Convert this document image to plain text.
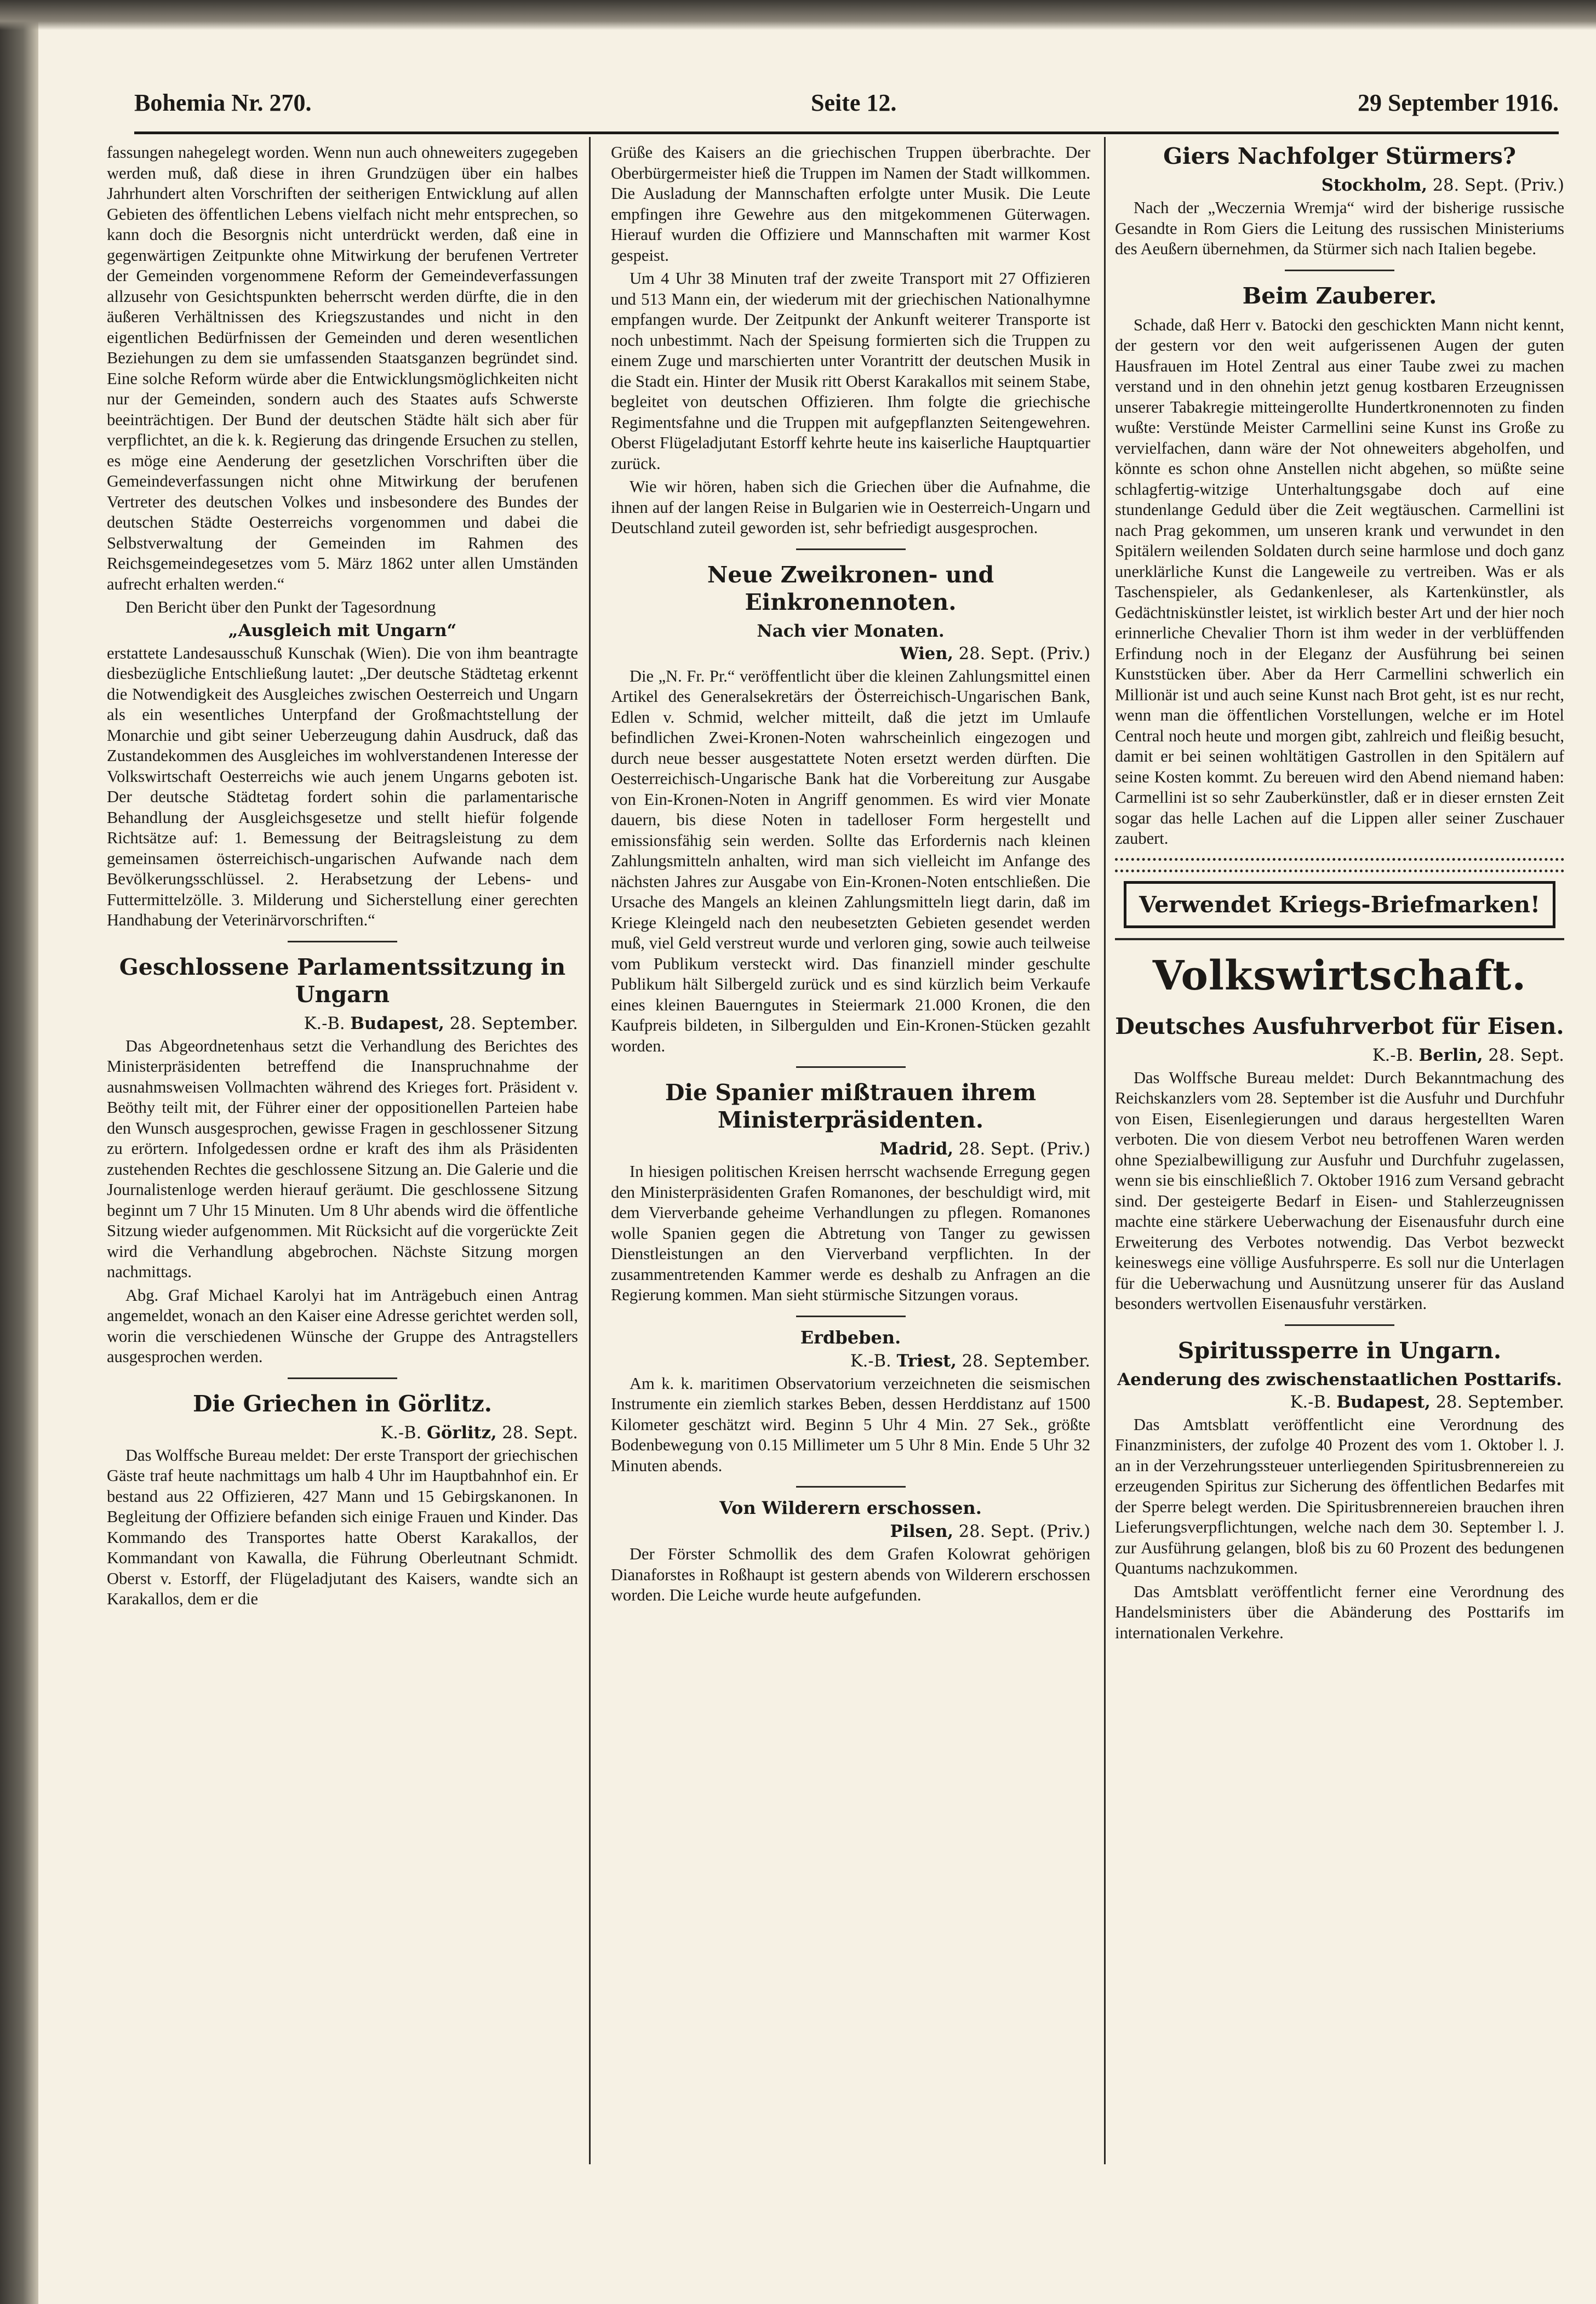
Bohemia Nr. 270.	Seite 12.	29 September 1916.

fassungen nahegelegt worden. Wenn nun auch ohneweiters zugegeben werden muß, daß diese in ihren Grundzügen über ein halbes Jahrhundert alten Vorschriften der seitherigen Entwicklung auf allen Gebieten des öffentlichen Lebens vielfach nicht mehr entsprechen, so kann doch die Besorgnis nicht unterdrückt werden, daß eine in gegenwärtigen Zeitpunkte ohne Mitwirkung der berufenen Vertreter der Gemeinden vorgenommene Reform der Gemeindeverfassungen allzusehr von Gesichtspunkten beherrscht werden dürfte, die in den äußeren Verhältnissen des Kriegszustandes und nicht in den eigentlichen Bedürfnissen der Gemeinden und deren wesentlichen Beziehungen zu dem sie umfassenden Staatsganzen begründet sind. Eine solche Reform würde aber die Entwicklungsmöglichkeiten nicht nur der Gemeinden, sondern auch des Staates aufs Schwerste beeinträchtigen. Der Bund der deutschen Städte hält sich aber für verpflichtet, an die k. k. Regierung das dringende Ersuchen zu stellen, es möge eine Aenderung der gesetzlichen Vorschriften über die Gemeindeverfassungen nicht ohne Mitwirkung der berufenen Vertreter des deutschen Volkes und insbesondere des Bundes der deutschen Städte Oesterreichs vorgenommen und dabei die Selbstverwaltung der Gemeinden im Rahmen des Reichsgemeindegesetzes vom 5. März 1862 unter allen Umständen aufrecht erhalten werden.“

Den Bericht über den Punkt der Tagesordnung

„Ausgleich mit Ungarn“

erstattete Landesausschuß Kunschak (Wien). Die von ihm beantragte diesbezügliche Entschließung lautet: „Der deutsche Städtetag erkennt die Notwendigkeit des Ausgleiches zwischen Oesterreich und Ungarn als ein wesentliches Unterpfand der Großmachtstellung der Monarchie und gibt seiner Ueberzeugung dahin Ausdruck, daß das Zustandekommen des Ausgleiches im wohlverstandenen Interesse der Volkswirtschaft Oesterreichs wie auch jenem Ungarns geboten ist. Der deutsche Städtetag fordert sohin die parlamentarische Behandlung der Ausgleichsgesetze und stellt hiefür folgende Richtsätze auf: 1. Bemessung der Beitragsleistung zu dem gemeinsamen österreichisch-ungarischen Aufwande nach dem Bevölkerungsschlüssel. 2. Herabsetzung der Lebens- und Futtermittelzölle. 3. Milderung und Sicherstellung einer gerechten Handhabung der Veterinärvorschriften.“

Geschlossene Parlamentssitzung in Ungarn
K.-B. Budapest, 28. September.

Das Abgeordnetenhaus setzt die Verhandlung des Berichtes des Ministerpräsidenten betreffend die Inanspruchnahme der ausnahmsweisen Vollmachten während des Krieges fort. Präsident v. Beöthy teilt mit, der Führer einer der oppositionellen Parteien habe den Wunsch ausgesprochen, gewisse Fragen in geschlossener Sitzung zu erörtern. Infolgedessen ordne er kraft des ihm als Präsidenten zustehenden Rechtes die geschlossene Sitzung an. Die Galerie und die Journalistenloge werden hierauf geräumt. Die geschlossene Sitzung beginnt um 7 Uhr 15 Minuten. Um 8 Uhr abends wird die öffentliche Sitzung wieder aufgenommen. Mit Rücksicht auf die vorgerückte Zeit wird die Verhandlung abgebrochen. Nächste Sitzung morgen nachmittags.

Abg. Graf Michael Karolyi hat im Anträgebuch einen Antrag angemeldet, wonach an den Kaiser eine Adresse gerichtet werden soll, worin die verschiedenen Wünsche der Gruppe des Antragstellers ausgesprochen werden.

Die Griechen in Görlitz.
K.-B. Görlitz, 28. Sept.

Das Wolffsche Bureau meldet: Der erste Transport der griechischen Gäste traf heute nachmittags um halb 4 Uhr im Hauptbahnhof ein. Er bestand aus 22 Offizieren, 427 Mann und 15 Gebirgskanonen. In Begleitung der Offiziere befanden sich einige Frauen und Kinder. Das Kommando des Transportes hatte Oberst Karakallos, der Kommandant von Kawalla, die Führung Oberleutnant Schmidt. Oberst v. Estorff, der Flügeladjutant des Kaisers, wandte sich an Karakallos, dem er die

Grüße des Kaisers an die griechischen Truppen überbrachte. Der Oberbürgermeister hieß die Truppen im Namen der Stadt willkommen. Die Ausladung der Mannschaften erfolgte unter Musik. Die Leute empfingen ihre Gewehre aus den mitgekommenen Güterwagen. Hierauf wurden die Offiziere und Mannschaften mit warmer Kost gespeist.

Um 4 Uhr 38 Minuten traf der zweite Transport mit 27 Offizieren und 513 Mann ein, der wiederum mit der griechischen Nationalhymne empfangen wurde. Der Zeitpunkt der Ankunft weiterer Transporte ist noch unbestimmt. Nach der Speisung formierten sich die Truppen zu einem Zuge und marschierten unter Vorantritt der deutschen Musik in die Stadt ein. Hinter der Musik ritt Oberst Karakallos mit seinem Stabe, begleitet von deutschen Offizieren. Ihm folgte die griechische Regimentsfahne und die Truppen mit aufgepflanzten Seitengewehren. Oberst Flügeladjutant Estorff kehrte heute ins kaiserliche Hauptquartier zurück.

Wie wir hören, haben sich die Griechen über die Aufnahme, die ihnen auf der langen Reise in Bulgarien wie in Oesterreich-Ungarn und Deutschland zuteil geworden ist, sehr befriedigt ausgesprochen.

Neue Zweikronen- und Einkronennoten.
Nach vier Monaten.
Wien, 28. Sept. (Priv.)

Die „N. Fr. Pr.“ veröffentlicht über die kleinen Zahlungsmittel einen Artikel des Generalsekretärs der Österreichisch-Ungarischen Bank, Edlen v. Schmid, welcher mitteilt, daß die jetzt im Umlaufe befindlichen Zwei-Kronen-Noten wahrscheinlich eingezogen und durch neue besser ausgestattete Noten ersetzt werden dürften. Die Oesterreichisch-Ungarische Bank hat die Vorbereitung zur Ausgabe von Ein-Kronen-Noten in Angriff genommen. Es wird vier Monate dauern, bis diese Noten in tadelloser Form hergestellt und emissionsfähig sein werden. Sollte das Erfordernis nach kleinen Zahlungsmitteln anhalten, wird man sich vielleicht im Anfange des nächsten Jahres zur Ausgabe von Ein-Kronen-Noten entschließen. Die Ursache des Mangels an kleinen Zahlungsmitteln liegt darin, daß im Kriege Kleingeld nach den neubesetzten Gebieten gesendet werden muß, viel Geld verstreut wurde und verloren ging, sowie auch teilweise vom Publikum versteckt wird. Das finanziell minder geschulte Publikum hält Silbergeld zurück und es sind kürzlich beim Verkaufe eines kleinen Bauerngutes in Steiermark 21.000 Kronen, die den Kaufpreis bildeten, in Silbergulden und Ein-Kronen-Stücken gezahlt worden.

Die Spanier mißtrauen ihrem Ministerpräsidenten.
Madrid, 28. Sept. (Priv.)

In hiesigen politischen Kreisen herrscht wachsende Erregung gegen den Ministerpräsidenten Grafen Romanones, der beschuldigt wird, mit dem Vierverbande geheime Verhandlungen zu pflegen. Romanones wolle Spanien gegen die Abtretung von Tanger zu gewissen Dienstleistungen an den Vierverband verpflichten. In der zusammentretenden Kammer werde es deshalb zu Anfragen an die Regierung kommen. Man sieht stürmische Sitzungen voraus.

Erdbeben.
K.-B. Triest, 28. September.

Am k. k. maritimen Observatorium verzeichneten die seismischen Instrumente ein ziemlich starkes Beben, dessen Herddistanz auf 1500 Kilometer geschätzt wird. Beginn 5 Uhr 4 Min. 27 Sek., größte Bodenbewegung von 0.15 Millimeter um 5 Uhr 8 Min. Ende 5 Uhr 32 Minuten abends.

Von Wilderern erschossen.
Pilsen, 28. Sept. (Priv.)

Der Förster Schmollik des dem Grafen Kolowrat gehörigen Dianaforstes in Roßhaupt ist gestern abends von Wilderern erschossen worden. Die Leiche wurde heute aufgefunden.

Giers Nachfolger Stürmers?
Stockholm, 28. Sept. (Priv.)

Nach der „Weczernia Wremja“ wird der bisherige russische Gesandte in Rom Giers die Leitung des russischen Ministeriums des Aeußern übernehmen, da Stürmer sich nach Italien begebe.

Beim Zauberer.

Schade, daß Herr v. Batocki den geschickten Mann nicht kennt, der gestern vor den weit aufgerissenen Augen der guten Hausfrauen im Hotel Zentral aus einer Taube zwei zu machen verstand und in den ohnehin jetzt genug kostbaren Erzeugnissen unserer Tabakregie mitteingerollte Hundertkronennoten zu finden wußte: Verstünde Meister Carmellini seine Kunst ins Große zu vervielfachen, dann wäre der Not ohneweiters abgeholfen, und könnte es schon ohne Anstellen nicht abgehen, so müßte seine schlagfertig-witzige Unterhaltungsgabe doch auf eine stundenlange Geduld über die Zeit wegtäuschen. Carmellini ist nach Prag gekommen, um unseren krank und verwundet in den Spitälern weilenden Soldaten durch seine harmlose und doch ganz unerklärliche Kunst die Langeweile zu vertreiben. Was er als Taschenspieler, als Gedankenleser, als Kartenkünstler, als Gedächtniskünstler leistet, ist wirklich bester Art und der hier noch erinnerliche Chevalier Thorn ist ihm weder in der verblüffenden Erfindung noch in der Eleganz der Ausführung bei seinen Kunststücken über. Aber da Herr Carmellini schwerlich ein Millionär ist und auch seine Kunst nach Brot geht, ist es nur recht, wenn man die öffentlichen Vorstellungen, welche er im Hotel Central noch heute und morgen gibt, zahlreich und fleißig besucht, damit er bei seinen wohltätigen Gastrollen in den Spitälern auf seine Kosten kommt. Zu bereuen wird den Abend niemand haben: Carmellini ist so sehr Zauberkünstler, daß er in dieser ernsten Zeit sogar das helle Lachen auf die Lippen aller seiner Zuschauer zaubert.

Verwendet Kriegs-Briefmarken!
Volkswirtschaft.
Deutsches Ausfuhrverbot für Eisen.
K.-B. Berlin, 28. Sept.

Das Wolffsche Bureau meldet: Durch Bekanntmachung des Reichskanzlers vom 28. September ist die Ausfuhr und Durchfuhr von Eisen, Eisenlegierungen und daraus hergestellten Waren verboten. Die von diesem Verbot neu betroffenen Waren werden ohne Spezialbewilligung zur Ausfuhr und Durchfuhr zugelassen, wenn sie bis einschließlich 7. Oktober 1916 zum Versand gebracht sind. Der gesteigerte Bedarf in Eisen- und Stahlerzeugnissen machte eine stärkere Ueberwachung der Eisenausfuhr durch eine Erweiterung des Verbotes notwendig. Das Verbot bezweckt keineswegs eine völlige Ausfuhrsperre. Es soll nur die Unterlagen für die Ueberwachung und Ausnützung unserer für das Ausland besonders wertvollen Eisenausfuhr verstärken.

Spiritussperre in Ungarn.
Aenderung des zwischenstaatlichen Posttarifs.
K.-B. Budapest, 28. September.

Das Amtsblatt veröffentlicht eine Verordnung des Finanzministers, der zufolge 40 Prozent des vom 1. Oktober l. J. an in der Verzehrungssteuer unterliegenden Spiritusbrennereien zu erzeugenden Spiritus zur Sicherung des öffentlichen Bedarfes mit der Sperre belegt werden. Die Spiritusbrennereien brauchen ihren Lieferungsverpflichtungen, welche nach dem 30. September l. J. zur Ausführung gelangen, bloß bis zu 60 Prozent des bedungenen Quantums nachzukommen.

Das Amtsblatt veröffentlicht ferner eine Verordnung des Handelsministers über die Abänderung des Posttarifs im internationalen Verkehre.
